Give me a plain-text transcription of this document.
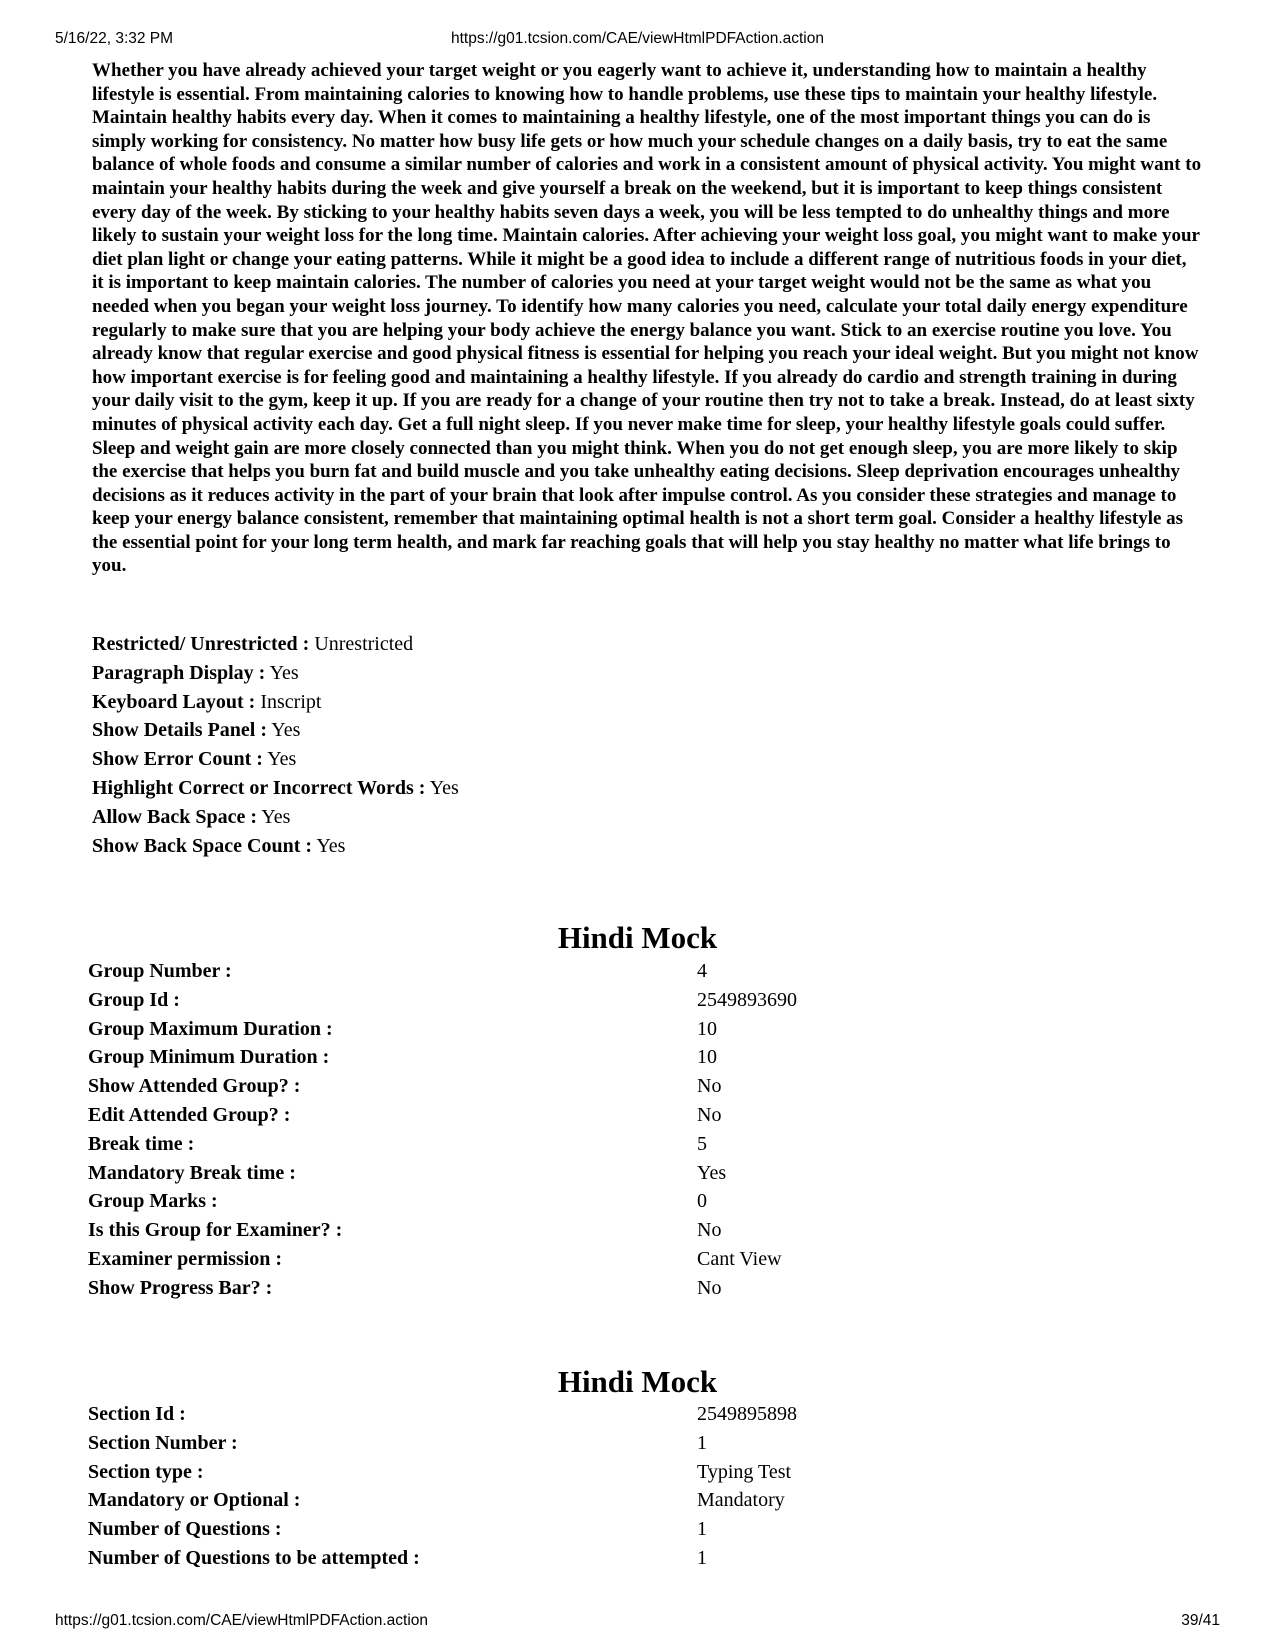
5/16/22, 3:32 PM	https://g01.tcsion.com/CAE/viewHtmlPDFAction.action

Whether you have already achieved your target weight or you eagerly want to achieve it, understanding how to maintain a healthy lifestyle is essential. From maintaining calories to knowing how to handle problems, use these tips to maintain your healthy lifestyle. Maintain healthy habits every day. When it comes to maintaining a healthy lifestyle, one of the most important things you can do is simply working for consistency. No matter how busy life gets or how much your schedule changes on a daily basis, try to eat the same balance of whole foods and consume a similar number of calories and work in a consistent amount of physical activity. You might want to maintain your healthy habits during the week and give yourself a break on the weekend, but it is important to keep things consistent every day of the week. By sticking to your healthy habits seven days a week, you will be less tempted to do unhealthy things and more likely to sustain your weight loss for the long time. Maintain calories. After achieving your weight loss goal, you might want to make your diet plan light or change your eating patterns. While it might be a good idea to include a different range of nutritious foods in your diet, it is important to keep maintain calories. The number of calories you need at your target weight would not be the same as what you needed when you began your weight loss journey. To identify how many calories you need, calculate your total daily energy expenditure regularly to make sure that you are helping your body achieve the energy balance you want. Stick to an exercise routine you love. You already know that regular exercise and good physical fitness is essential for helping you reach your ideal weight. But you might not know how important exercise is for feeling good and maintaining a healthy lifestyle. If you already do cardio and strength training in during your daily visit to the gym, keep it up. If you are ready for a change of your routine then try not to take a break. Instead, do at least sixty minutes of physical activity each day. Get a full night sleep. If you never make time for sleep, your healthy lifestyle goals could suffer. Sleep and weight gain are more closely connected than you might think. When you do not get enough sleep, you are more likely to skip the exercise that helps you burn fat and build muscle and you take unhealthy eating decisions. Sleep deprivation encourages unhealthy decisions as it reduces activity in the part of your brain that look after impulse control. As you consider these strategies and manage to keep your energy balance consistent, remember that maintaining optimal health is not a short term goal. Consider a healthy lifestyle as the essential point for your long term health, and mark far reaching goals that will help you stay healthy no matter what life brings to you.

Restricted/ Unrestricted : Unrestricted
Paragraph Display : Yes
Keyboard Layout : Inscript
Show Details Panel : Yes
Show Error Count : Yes
Highlight Correct or Incorrect Words : Yes
Allow Back Space : Yes
Show Back Space Count : Yes
Hindi Mock
Group Number :	4
Group Id :	2549893690
Group Maximum Duration :	10
Group Minimum Duration :	10
Show Attended Group? :	No
Edit Attended Group? :	No
Break time :	5
Mandatory Break time :	Yes
Group Marks :	0
Is this Group for Examiner? :	No
Examiner permission :	Cant View
Show Progress Bar? :	No
Hindi Mock
Section Id :	2549895898
Section Number :	1
Section type :	Typing Test
Mandatory or Optional :	Mandatory
Number of Questions :	1
Number of Questions to be attempted :	1
https://g01.tcsion.com/CAE/viewHtmlPDFAction.action	39/41
